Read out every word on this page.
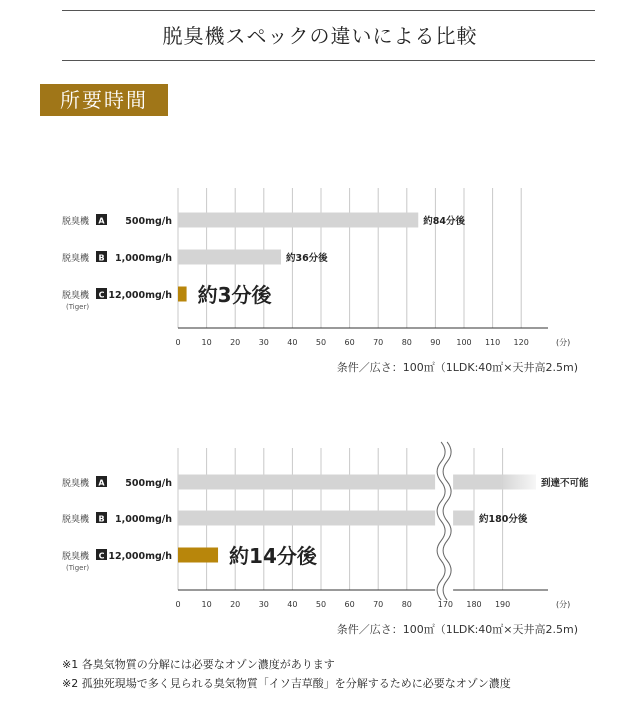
脱臭機スペックの違いによる比較
所要時間
オゾン濃度 1ppm 到達時間の比較 $^{※1}$
オゾン濃度 5ppm 到達時間の比較 $^{※2}$
0	10 20 30 40 50 60 70 80 90 100 110 120	(分)
脱臭機 A 500mg/h	約84分後
脱臭機 B 1,000mg/h	約36分後
脱臭機 C 12,000mg/h
(Tiger)	約3分後
0	10 20 30 40 50 60 70 80	170 180 190	(分)
脱臭機 A 500mg/h	到達不可能
脱臭機 B 1,000mg/h	約180分後
脱臭機 C 12,000mg/h
(Tiger)	約14分後
条件／広さ：100㎡（1LDK:40㎡×天井高2.5m)
条件／広さ：100㎡（1LDK:40㎡×天井高2.5m)
※1 各臭気物質の分解には必要なオゾン濃度があります
※2 孤独死現場で多く見られる臭気物質「イソ吉草酸」を分解するために必要なオゾン濃度
